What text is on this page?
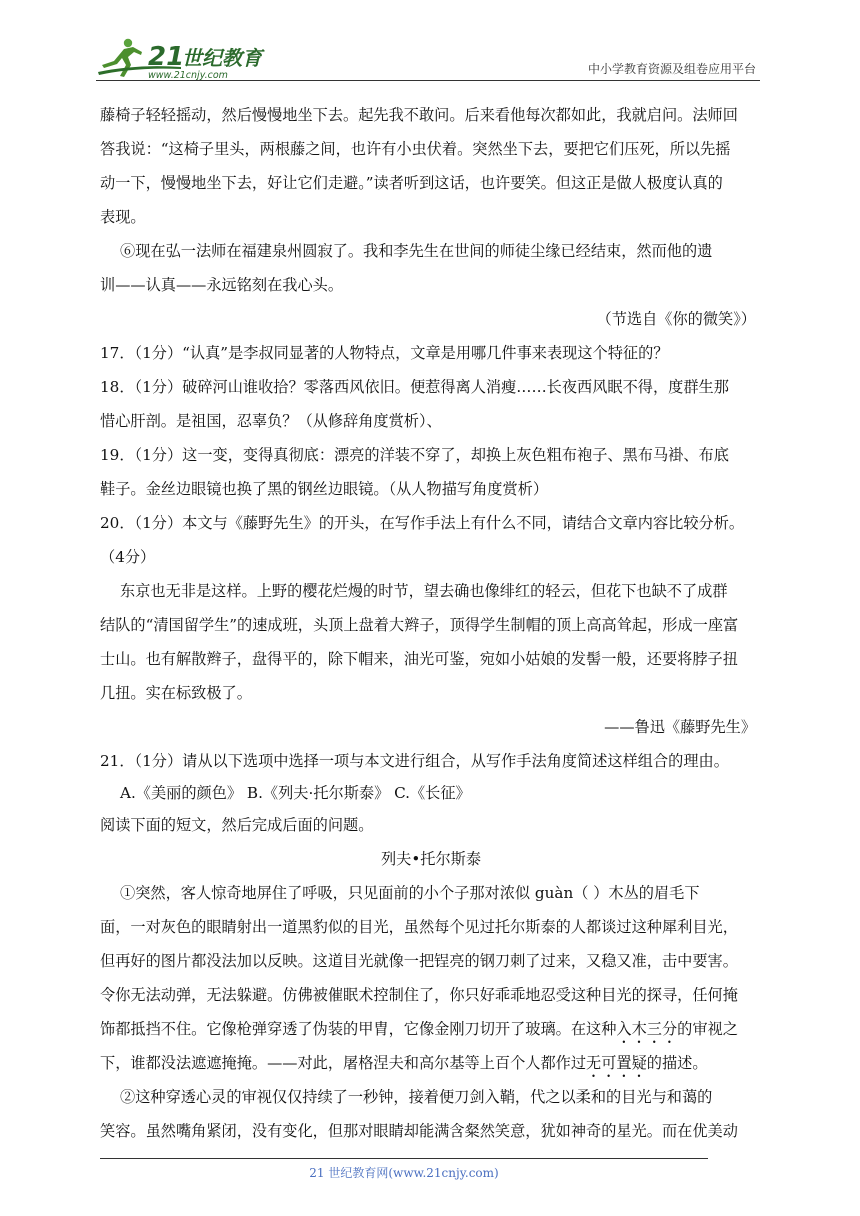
21
世纪教育
www.21cnjy.com	中小学教育资源及组卷应用平台
藤椅子轻轻摇动，然后慢慢地坐下去。起先我不敢问。后来看他每次都如此，我就启问。法师回
答我说：“这椅子里头，两根藤之间，也许有小虫伏着。突然坐下去，要把它们压死，所以先摇
动一下，慢慢地坐下去，好让它们走避。”读者听到这话，也许要笑。但这正是做人极度认真的
表现。
⑥现在弘一法师在福建泉州圆寂了。我和李先生在世间的师徒尘缘已经结束，然而他的遗
训——认真——永远铭刻在我心头。
（节选自《你的微笑》）
17．（1分）“认真”是李叔同显著的人物特点，文章是用哪几件事来表现这个特征的？
18．（1分）破碎河山谁收拾？零落西风依旧。便惹得离人消瘦……长夜西风眠不得，度群生那
惜心肝剖。是祖国，忍辜负？（从修辞角度赏析）、
19．（1分）这一变，变得真彻底：漂亮的洋装不穿了，却换上灰色粗布袍子、黑布马褂、布底
鞋子。金丝边眼镜也换了黑的钢丝边眼镜。（从人物描写角度赏析）
20．（1分）本文与《藤野先生》的开头，在写作手法上有什么不同，请结合文章内容比较分析。
（4分）
东京也无非是这样。上野的樱花烂熳的时节，望去确也像绯红的轻云，但花下也缺不了成群
结队的“清国留学生”的速成班，头顶上盘着大辫子，顶得学生制帽的顶上高高耸起，形成一座富
士山。也有解散辫子，盘得平的，除下帽来，油光可鉴，宛如小姑娘的发髻一般，还要将脖子扭
几扭。实在标致极了。
——鲁迅《藤野先生》
21．（1分）请从以下选项中选择一项与本文进行组合，从写作手法角度简述这样组合的理由。
A.《美丽的颜色》 B.《列夫·托尔斯泰》 C.《长征》
阅读下面的短文，然后完成后面的问题。
列夫•托尔斯泰
①突然，客人惊奇地屏住了呼吸，只见面前的小个子那对浓似 guàn（ ）木丛的眉毛下
面，一对灰色的眼睛射出一道黑豹似的目光，虽然每个见过托尔斯泰的人都谈过这种犀利目光，
但再好的图片都没法加以反映。这道目光就像一把锃亮的钢刀刺了过来，又稳又准，击中要害。
令你无法动弹，无法躲避。仿佛被催眠术控制住了，你只好乖乖地忍受这种目光的探寻，任何掩
饰都抵挡不住。它像枪弹穿透了伪装的甲胄，它像金刚刀切开了玻璃。在这种入木三分的审视之
下，谁都没法遮遮掩掩。——对此，屠格涅夫和高尔基等上百个人都作过无可置疑的描述。
②这种穿透心灵的审视仅仅持续了一秒钟，接着便刀剑入鞘，代之以柔和的目光与和蔼的
笑容。虽然嘴角紧闭，没有变化，但那对眼睛却能满含粲然笑意，犹如神奇的星光。而在优美动
21 世纪教育网(www.21cnjy.com)
